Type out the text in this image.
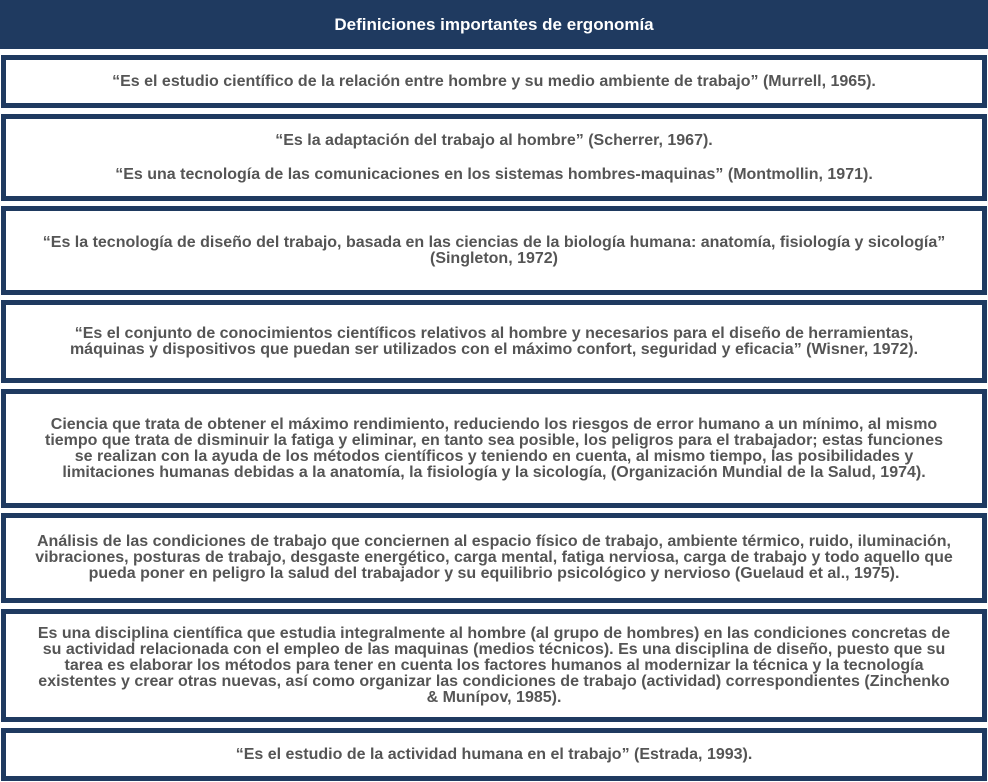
Definiciones importantes de ergonomía

“Es el estudio científico de la relación entre hombre y su medio ambiente de trabajo” (Murrell, 1965).

“Es la adaptación del trabajo al hombre” (Scherrer, 1967).

“Es una tecnología de las comunicaciones en los sistemas hombres-maquinas” (Montmollin, 1971).

“Es la tecnología de diseño del trabajo, basada en las ciencias de la biología humana: anatomía, fisiología y sicología” (Singleton, 1972)

“Es el conjunto de conocimientos científicos relativos al hombre y necesarios para el diseño de herramientas, máquinas y dispositivos que puedan ser utilizados con el máximo confort, seguridad y eficacia” (Wisner, 1972).

Ciencia que trata de obtener el máximo rendimiento, reduciendo los riesgos de error humano a un mínimo, al mismo tiempo que trata de disminuir la fatiga y eliminar, en tanto sea posible, los peligros para el trabajador; estas funciones se realizan con la ayuda de los métodos científicos y teniendo en cuenta, al mismo tiempo, las posibilidades y limitaciones humanas debidas a la anatomía, la fisiología y la sicología, (Organización Mundial de la Salud, 1974).

Análisis de las condiciones de trabajo que conciernen al espacio físico de trabajo, ambiente térmico, ruido, iluminación, vibraciones, posturas de trabajo, desgaste energético, carga mental, fatiga nerviosa, carga de trabajo y todo aquello que pueda poner en peligro la salud del trabajador y su equilibrio psicológico y nervioso (Guelaud et al., 1975).

Es una disciplina científica que estudia integralmente al hombre (al grupo de hombres) en las condiciones concretas de su actividad relacionada con el empleo de las maquinas (medios técnicos). Es una disciplina de diseño, puesto que su tarea es elaborar los métodos para tener en cuenta los factores humanos al modernizar la técnica y la tecnología existentes y crear otras nuevas, así como organizar las condiciones de trabajo (actividad) correspondientes (Zinchenko & Munípov, 1985).

“Es el estudio de la actividad humana en el trabajo” (Estrada, 1993).
